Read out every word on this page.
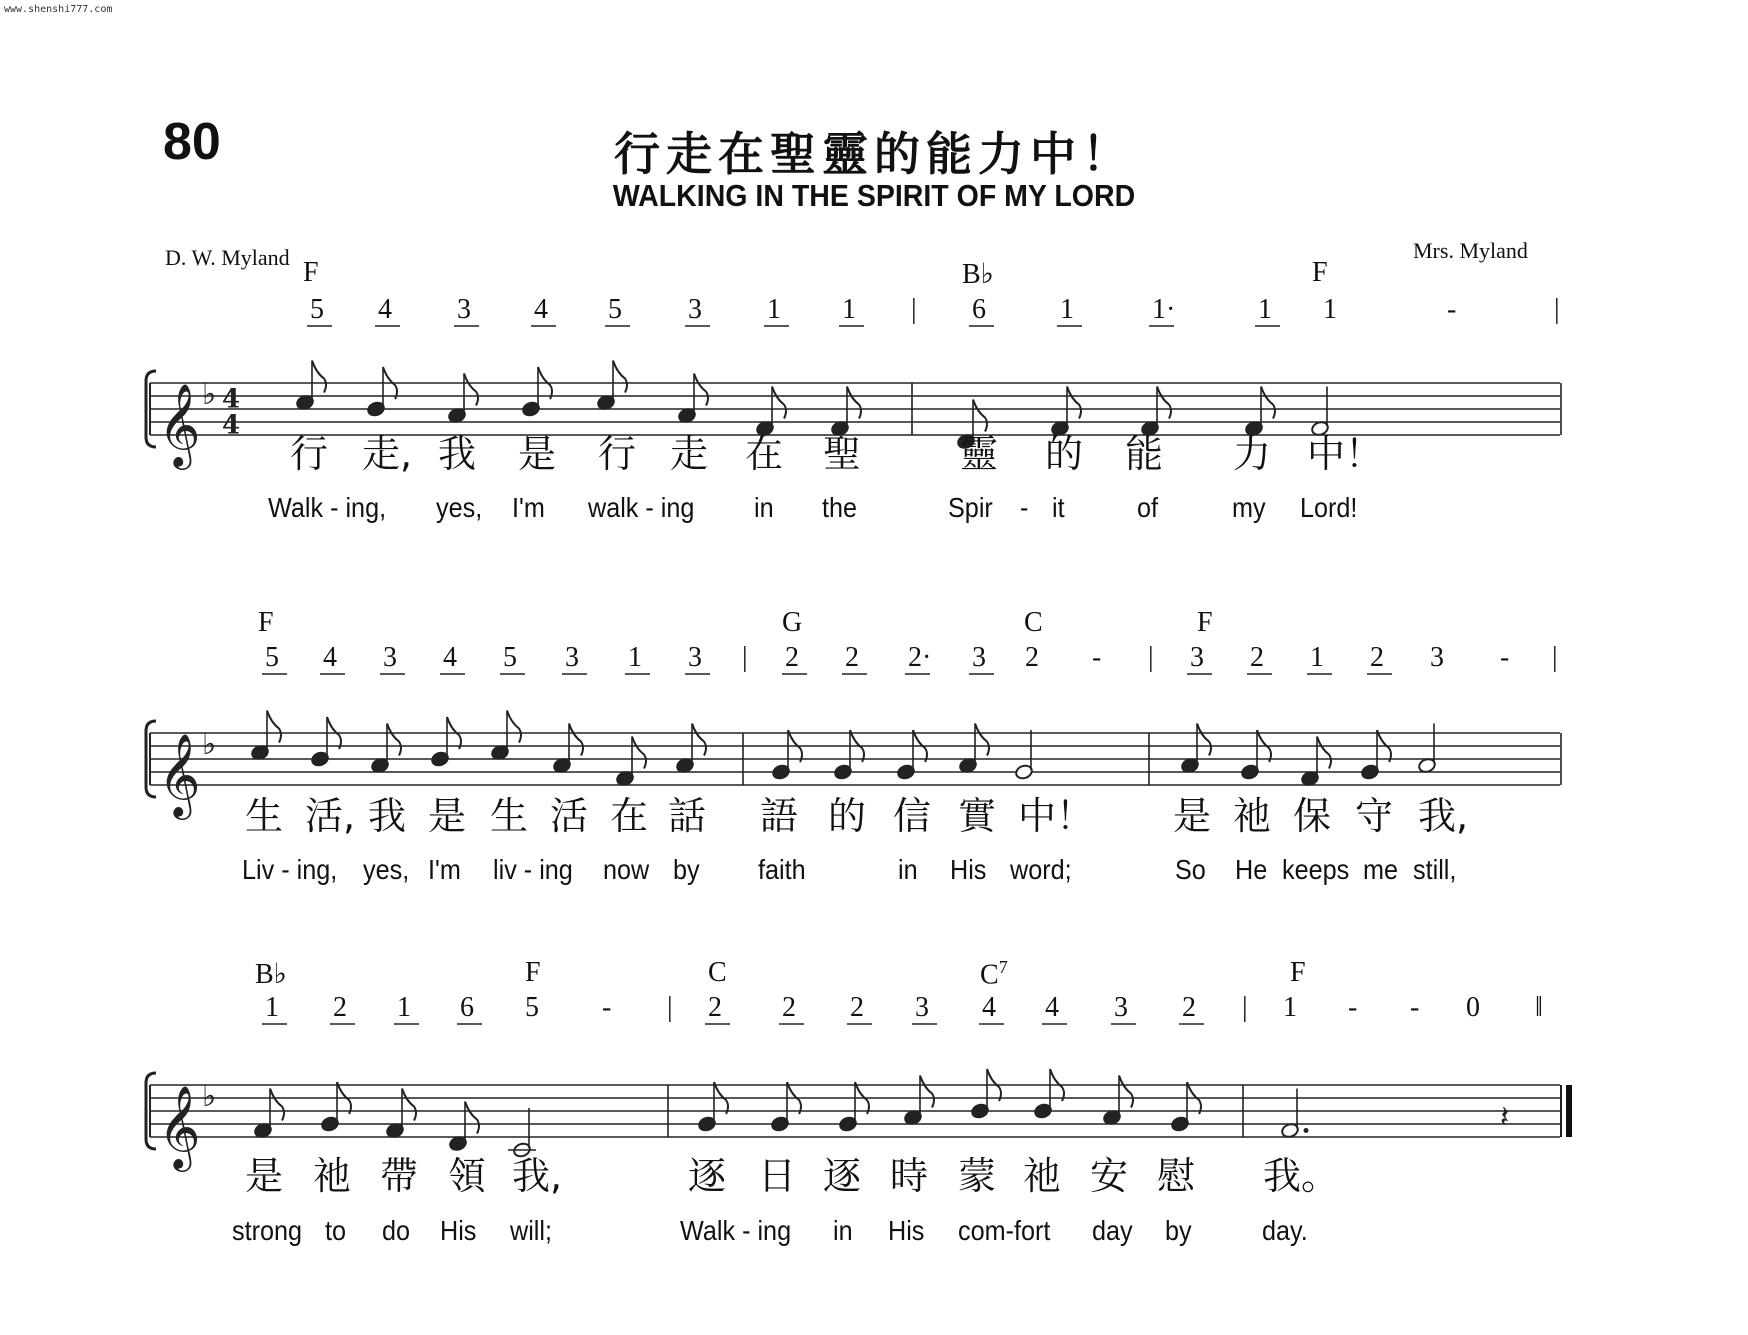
www.shenshi777.com
80	行走在聖靈的能力中！
WALKING IN THE SPIRIT OF MY LORD
D. W. Myland	Mrs. Myland
𝄞 ♭ 4
4
𝄞 ♭
𝄞 ♭
𝄽
F	B♭	F
5 4 3 4 5 3 1 1 | 6	1	1·	1 1	-	|
行 走, 我 是 行 走 在 聖	靈 的 能 力 中！
Walk - ing, yes, I'm walk - ing in the	Spir - it	of	my Lord!
F	G	C	F
5 4 3 4 5 3 1 3 | 2 2 2· 3 2 - | 3 2 1 2 3 - |
生 活, 我 是 生 活 在 話 語 的 信 實 中！ 是 祂 保 守 我,
Liv - ing, yes, I'm liv - ing now by faith	in His word;	So He keeps me still,
B♭	F	C	$C^7$	F
1 2 1 6 5 - | 2 2 2 3 4 4 3 2 | 1 - - 0 ‖
是 祂 帶 領 我,	逐 日 逐 時 蒙 祂 安 慰 我。
strong to do His will;	Walk - ing in His com-fort day by	day.
